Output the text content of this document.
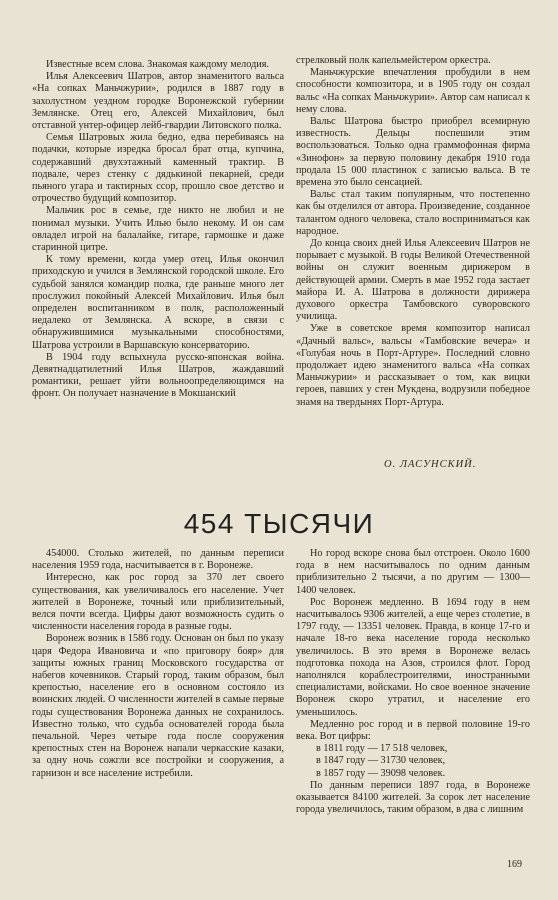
Известные всем слова. Знакомая каждому мелодия.

Илья Алексеевич Шатров, автор знаменитого вальса «На сопках Маньчжурии», родился в 1887 году в захолустном уездном городке Воронежской губернии Землянске. Отец его, Алексей Михайлович, был отставной унтер-офицер лейб-гвардии Литовского полка.

Семья Шатровых жила бедно, едва перебиваясь на подачки, которые изредка бросал брат отца, купчина, содержавший двухэтажный каменный трактир. В подвале, через стенку с дядькиной пекарней, среди пьяного угара и тактирных ссор, прошло свое детство и отрочество будущий композитор.

Мальчик рос в семье, где никто не любил и не понимал музыки. Учить Илью было некому. И он сам овладел игрой на балалайке, гитаре, гармошке и даже старинной цитре.

К тому времени, когда умер отец, Илья окончил приходскую и учился в Землянской городской школе. Его судьбой занялся командир полка, где раньше много лет прослужил покойный Алексей Михайлович. Илья был определен воспитанником в полк, расположенный недалеко от Землянска. А вскоре, в связи с обнаружившимися музыкальными способностями, Шатрова устроили в Варшавскую консерваторию.

В 1904 году вспыхнула русско-японская война. Девятнадцатилетний Илья Шатров, жаждавший романтики, решает уйти вольноопределяющимся на фронт. Он получает назначение в Мокшанский

стрелковый полк капельмейстером оркестра.

Маньчжурские впечатления пробудили в нем способности композитора, и в 1905 году он создал вальс «На сопках Маньчжурии». Автор сам написал к нему слова.

Вальс Шатрова быстро приобрел всемирную известность. Дельцы поспешили этим воспользоваться. Только одна граммофонная фирма «Зинофон» за первую половину декабря 1910 года продала 15 000 пластинок с записью вальса. В те времена это было сенсацией.

Вальс стал таким популярным, что постепенно как бы отделился от автора. Произведение, созданное талантом одного человека, стало восприниматься как народное.

До конца своих дней Илья Алексеевич Шатров не порывает с музыкой. В годы Великой Отечественной войны он служит военным дирижером в действующей армии. Смерть в мае 1952 года застает майора И. А. Шатрова в должности дирижера духового оркестра Тамбовского суворовского училища.

Уже в советское время композитор написал «Дачный вальс», вальсы «Тамбовские вечера» и «Голубая ночь в Порт-Артуре». Последний словно продолжает идею знаменитого вальса «На сопках Маньчжурии» и рассказывает о том, как вицки героев, павших у стен Мукдена, водрузили победное знамя на твердынях Порт-Артура.

О. ЛАСУНСКИЙ.
454 ТЫСЯЧИ

454000. Столько жителей, по данным переписи населения 1959 года, насчитывается в г. Воронеже.

Интересно, как рос город за 370 лет своего существования, как увеличивалось его население. Учет жителей в Воронеже, точный или приблизительный, велся почти всегда. Цифры дают возможность судить о численности населения города в разные годы.

Воронеж возник в 1586 году. Основан он был по указу царя Федора Ивановича и «по приговору бояр» для защиты южных границ Московского государства от набегов кочевников. Старый город, таким образом, был крепостью, население его в основном состояло из воинских людей. О численности жителей в самые первые годы существования Воронежа данных не сохранилось. Известно только, что судьба основателей города была печальной. Через четыре года после сооружения крепостных стен на Воронеж напали черкасские казаки, за одну ночь сожгли все постройки и сооружения, а гарнизон и все население истребили.

Но город вскоре снова был отстроен. Около 1600 года в нем насчитывалось по одним данным приблизительно 2 тысячи, а по другим — 1300—1400 человек.

Рос Воронеж медленно. В 1694 году в нем насчитывалось 9306 жителей, а еще через столетие, в 1797 году, — 13351 человек. Правда, в конце 17-го и начале 18-го века население города несколько увеличилось. В это время в Воронеже велась подготовка похода на Азов, строился флот. Город наполнялся кораблестроителями, иностранными специалистами, войсками. Но свое военное значение Воронеж скоро утратил, и население его уменьшилось.

Медленно рос город и в первой половине 19-го века. Вот цифры:

в 1811 году — 17 518 человек,

в 1847 году — 31730 человек,

в 1857 году — 39098 человек.

По данным переписи 1897 года, в Воронеже оказывается 84100 жителей. За сорок лет население города увеличилось, таким образом, в два с лишним

169
